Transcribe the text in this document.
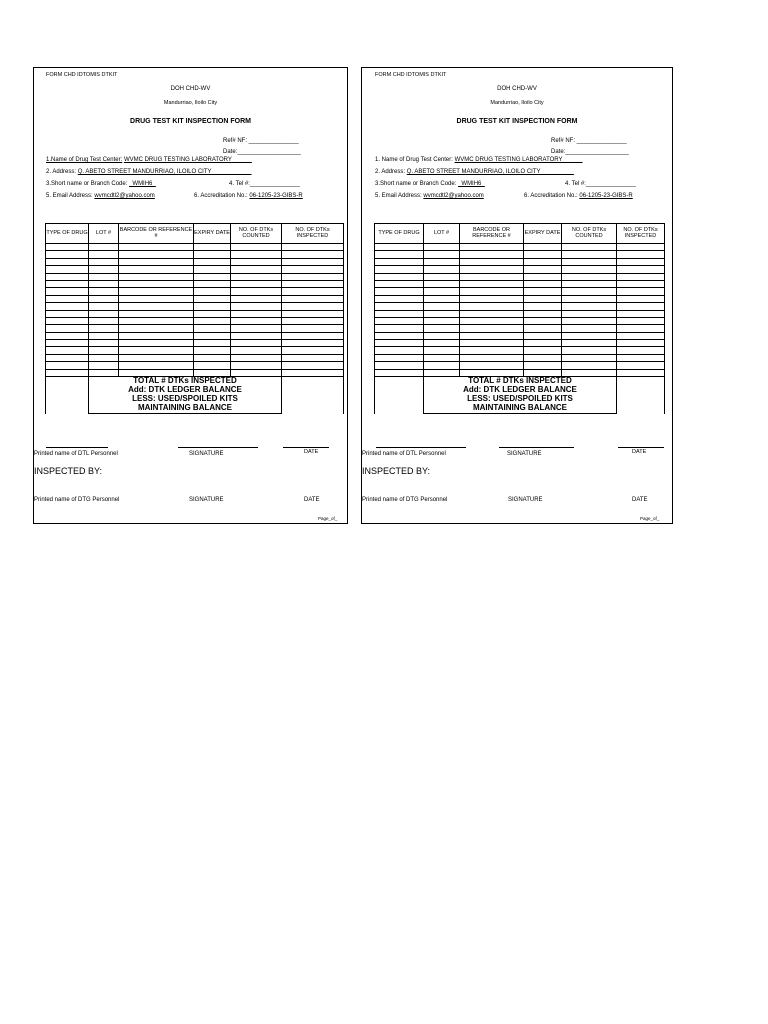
FORM CHD IDTOMIS DTKIT
DOH CHD-WV
Mandurriao, Iloilo City
DRUG TEST KIT INSPECTION FORM
Ref# NF: _______________
Date:___________________
1.Name of Drug Test Center: WVMC DRUG TESTING LABORATORY
2. Address: Q. ABETO STREET MANDURRIAO, ILOILO CITY
3.Short name or Branch Code: _WMIH6_	4. Tel #:_______________
5. Email Address: wvmcdtl2@yahoo.com	6. Accreditation No.: 06-1205-23-GIBS-R
TYPE OF DRUG	LOT #	BARCODE OR REFERENCE #	EXPIRY DATE	NO. OF DTKs COUNTED	NO. OF DTKs INSPECTED

	TOTAL # DTKs INSPECTED				
	Add: DTK LEDGER BALANCE				
	LESS: USED/SPOILED KITS				
	MAINTAINING BALANCE				
Printed name of DTL Personnel	SIGNATURE	DATE
INSPECTED BY:
Printed name of DTG Personnel	SIGNATURE	DATE
Page_of_
FORM CHD IDTOMIS DTKIT
DOH CHD-WV
Mandurriao, Iloilo City
DRUG TEST KIT INSPECTION FORM
Ref# NF: _______________
Date:___________________
1. Name of Drug Test Center: WVMC DRUG TESTING LABORATORY
2. Address: Q. ABETO STREET MANDURRIAO, ILOILO CITY
3.Short name or Branch Code: _WMIH6_	4. Tel #:_______________
5. Email Address: wvmcdtl2@yahoo.com	6. Accreditation No.: 06-1205-23-GIBS-R
TYPE OF DRUG	LOT #	BARCODE OR REFERENCE #	EXPIRY DATE	NO. OF DTKs COUNTED	NO. OF DTKs INSPECTED

	TOTAL # DTKs INSPECTED				
	Add: DTK LEDGER BALANCE				
	LESS: USED/SPOILED KITS				
	MAINTAINING BALANCE				
Printed name of DTL Personnel	SIGNATURE	DATE
INSPECTED BY:
Printed name of DTG Personnel	SIGNATURE	DATE
Page_of_
